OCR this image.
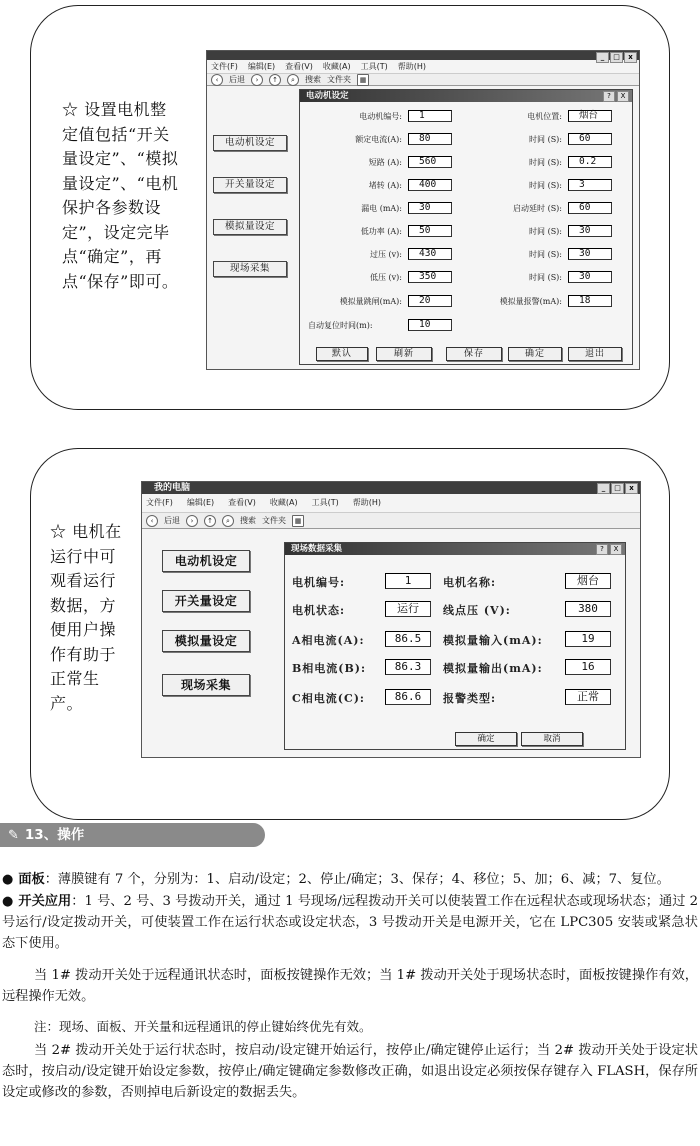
☆ 设置电机整定值包括“开关量设定”、“模拟量设定”、“电机保护各参数设定”，设定完毕点“确定”，再点“保存”即可。
_	□	x
文件(F) 编辑(E) 查看(V) 收藏(A) 工具(T) 帮助(H)
‹	后退	›	↑	⌕	搜索 文件夹	▦
电动机设定
开关量设定
模拟量设定
现场采集
电动机设定	?	X
电动机编号:	1	电机位置:	烟台
额定电流(A):	80	时间 (S):	60
短路 (A):	560	时间 (S):	0.2
堵转 (A):	400	时间 (S):	3
漏电 (mA):	30	启动延时 (S):	60
低功率 (A):	50	时间 (S):	30
过压 (v):	430	时间 (S):	30
低压 (v):	350	时间 (S):	30
模拟量跳闸(mA):	20	模拟量报警(mA):	18
自动复位时间(m):	10
默认	刷新	保存	确定	退出
☆ 电机在运行中可观看运行数据，方便用户操作有助于正常生产。
我的电脑	_	□	x
文件(F) 编辑(E) 查看(V) 收藏(A) 工具(T) 帮助(H)
‹	后退	›	↑	⌕	搜索 文件夹	▦
电动机设定
开关量设定
模拟量设定
现场采集
现场数据采集	?	X
电机编号:	1	电机名称:	烟台
电机状态:	运行	线点压 (V):	380
A相电流(A):	86.5	模拟量输入(mA):	19
B相电流(B):	86.3	模拟量输出(mA):	16
C相电流(C):	86.6	报警类型:	正常
确定	取消
✎ 13、操作
● 面板：薄膜键有 7 个，分别为：1、启动/设定；2、停止/确定；3、保存；4、移位；5、加；6、减；7、复位。
● 开关应用：1 号、2 号、3 号拨动开关，通过 1 号现场/远程拨动开关可以使装置工作在远程状态或现场状态；通过 2 号运行/设定拨动开关，可使装置工作在运行状态或设定状态，3 号拨动开关是电源开关，它在 LPC305 安装或紧急状态下使用。
当 1# 拨动开关处于远程通讯状态时，面板按键操作无效；当 1# 拨动开关处于现场状态时，面板按键操作有效，远程操作无效。
注：现场、面板、开关量和远程通讯的停止键始终优先有效。
当 2# 拨动开关处于运行状态时，按启动/设定键开始运行，按停止/确定键停止运行；当 2# 拨动开关处于设定状态时，按启动/设定键开始设定参数，按停止/确定键确定参数修改正确，如退出设定必须按保存键存入 FLASH，保存所设定或修改的参数，否则掉电后新设定的数据丢失。
